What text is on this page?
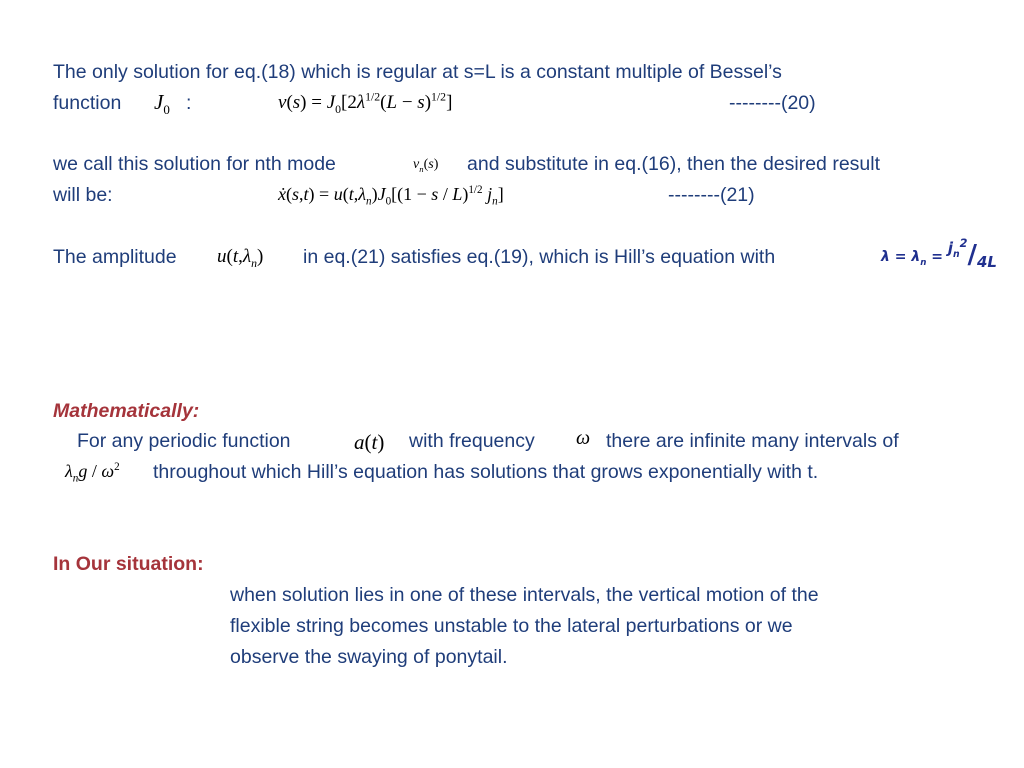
The only solution for eq.(18) which is regular at s=L is a constant multiple of Bessel’s
function $J_0$ :	$v(s) = J_0[2\lambda^{1/2}(L - s)^{1/2}]$	--------(20)
we call this solution for nth mode	$v_n(s)$ and substitute in eq.(16), then the desired result
will be:	ẋ(s,t) = $u(t,\lambda_n)J_0[(1 - s / L)^{1/2}$ $j_n$]	--------(21)
The amplitude $u(t,\lambda_n)$ in eq.(21) satisfies eq.(19), which is Hill’s equation with	$\lambda = \lambda_n = j_n^2/4L$
Mathematically:
For any periodic function	a(t) with frequency ω there are infinite many intervals of
$\lambda_ng / \omega^2$ throughout which Hill’s equation has solutions that grows exponentially with t.
In Our situation:
when solution lies in one of these intervals, the vertical motion of the
flexible string becomes unstable to the lateral perturbations or we
observe the swaying of ponytail.
